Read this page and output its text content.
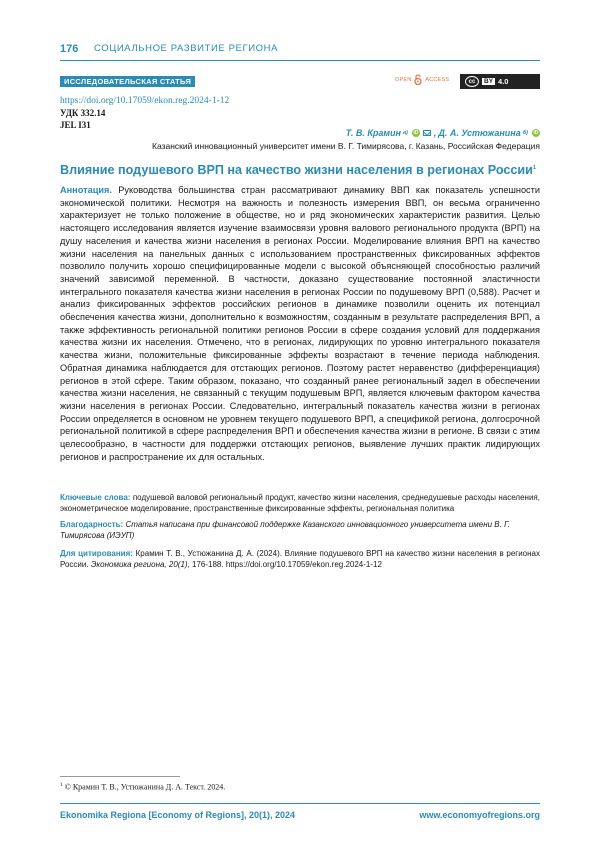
176 СОЦИАЛЬНОЕ РАЗВИТИЕ РЕГИОНА
ИССЛЕДОВАТЕЛЬСКАЯ СТАТЬЯ	OPEN	ACCESS	cc	BY 4.0
https://doi.org/10.17059/ekon.reg.2024-1-12
УДК 332.14
JEL I31
Т. В. Крамин a)	iD , Д. А. Устюжанина б)	iD
Казанский инновационный университет имени В. Г. Тимирясова, г. Казань, Российская Федерация
Влияние подушевого ВРП на качество жизни населения в регионах России1
Аннотация. Руководства большинства стран рассматривают динамику ВВП как показатель успешности экономической политики. Несмотря на важность и полезность измерения ВВП, он весьма ограниченно характеризует не только положение в обществе, но и ряд экономических характеристик развития. Целью настоящего исследования является изучение взаимосвязи уровня валового регионального продукта (ВРП) на душу населения и качества жизни населения в регионах России. Моделирование влияния ВРП на качество жизни населения на панельных данных с использованием пространственных фиксированных эффектов позволило получить хорошо специфицированные модели с высокой объясняющей способностью различий значений зависимой переменной. В частности, доказано существование постоянной эластичности интегрального показателя качества жизни населения в регионах России по подушевому ВРП (0,588). Расчет и анализ фиксированных эффектов российских регионов в динамике позволили оценить их потенциал обеспечения качества жизни, дополнительно к возможностям, созданным в результате распределения ВРП, а также эффективность региональной политики регионов России в сфере создания условий для поддержания качества жизни их населения. Отмечено, что в регионах, лидирующих по уровню интегрального показателя качества жизни, положительные фиксированные эффекты возрастают в течение периода наблюдения. Обратная динамика наблюдается для отстающих регионов. Поэтому растет неравенство (дифференциация) регионов в этой сфере. Таким образом, показано, что созданный ранее региональный задел в обеспечении качества жизни населения, не связанный с текущим подушевым ВРП, является ключевым фактором качества жизни населения в регионах России. Следовательно, интегральный показатель качества жизни в регионах России определяется в основном не уровнем текущего подушевого ВРП, а спецификой региона, долгосрочной региональной политикой в сфере распределения ВРП и обеспечения качества жизни в регионе. В связи с этим целесообразно, в частности для поддержки отстающих регионов, выявление лучших практик лидирующих регионов и распространение их для остальных.
Ключевые слова: подушевой валовой региональный продукт, качество жизни населения, среднедушевые расходы населения, эконометрическое моделирование, пространственные фиксированные эффекты, региональная политика
Благодарность: Статья написана при финансовой поддержке Казанского инновационного университета имени В. Г. Тимирясова (ИЭУП)
Для цитирования: Крамин Т. В., Устюжанина Д. А. (2024). Влияние подушевого ВРП на качество жизни населения в регионах России. Экономика региона, 20(1), 176-188. https://doi.org/10.17059/ekon.reg.2024-1-12
1 © Крамин Т. В., Устюжанина Д. А. Текст. 2024.
Ekonomika Regiona [Economy of Regions], 20(1), 2024	www.economyofregions.org
